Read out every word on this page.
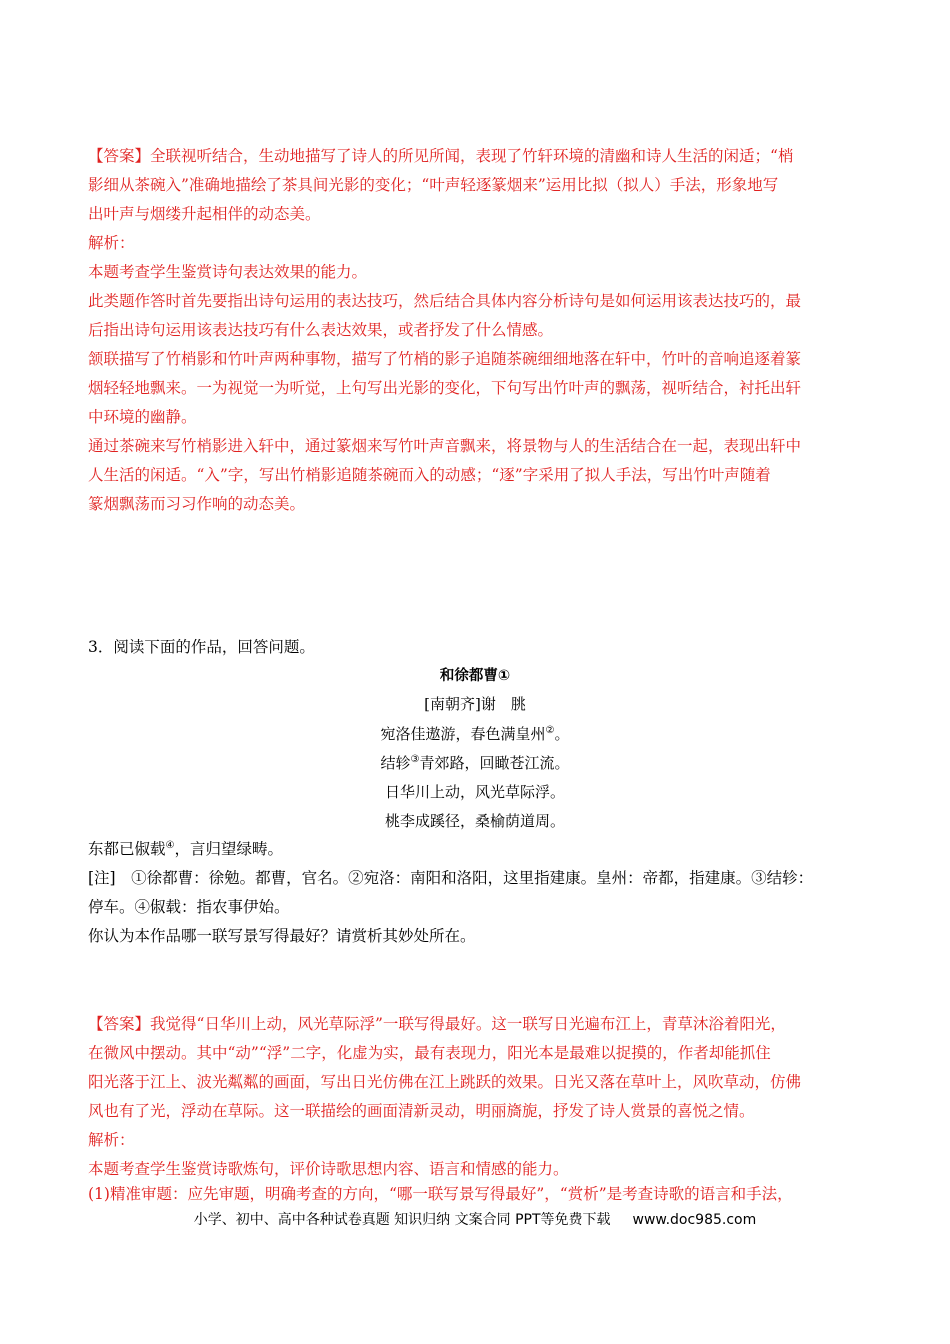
【答案】全联视听结合，生动地描写了诗人的所见所闻，表现了竹轩环境的清幽和诗人生活的闲适；“梢

影细从茶碗入”准确地描绘了茶具间光影的变化；“叶声轻逐篆烟来”运用比拟（拟人）手法，形象地写

出叶声与烟缕升起相伴的动态美。

解析：

本题考查学生鉴赏诗句表达效果的能力。

此类题作答时首先要指出诗句运用的表达技巧，然后结合具体内容分析诗句是如何运用该表达技巧的，最

后指出诗句运用该表达技巧有什么表达效果，或者抒发了什么情感。

颔联描写了竹梢影和竹叶声两种事物，描写了竹梢的影子追随茶碗细细地落在轩中，竹叶的音响追逐着篆

烟轻轻地飘来。一为视觉一为听觉，上句写出光影的变化，下句写出竹叶声的飘荡，视听结合，衬托出轩

中环境的幽静。

通过茶碗来写竹梢影进入轩中，通过篆烟来写竹叶声音飘来，将景物与人的生活结合在一起，表现出轩中

人生活的闲适。“入”字，写出竹梢影追随茶碗而入的动感；“逐”字采用了拟人手法，写出竹叶声随着

篆烟飘荡而习习作响的动态美。

3．阅读下面的作品，回答问题。

和徐都曹①

[南朝齐]谢　朓

宛洛佳遨游，春色满皇州②。

结轸③青郊路，回瞰苍江流。

日华川上动，风光草际浮。

桃李成蹊径，桑榆荫道周。

东都已俶载④，言归望绿畴。

[注]　①徐都曹：徐勉。都曹，官名。②宛洛：南阳和洛阳，这里指建康。皇州：帝都，指建康。③结轸：

停车。④俶载：指农事伊始。

你认为本作品哪一联写景写得最好？请赏析其妙处所在。

【答案】我觉得“日华川上动，风光草际浮”一联写得最好。这一联写日光遍布江上，青草沐浴着阳光，

在微风中摆动。其中“动”“浮”二字，化虚为实，最有表现力，阳光本是最难以捉摸的，作者却能抓住

阳光落于江上、波光粼粼的画面，写出日光仿佛在江上跳跃的效果。日光又落在草叶上，风吹草动，仿佛

风也有了光，浮动在草际。这一联描绘的画面清新灵动，明丽旖旎，抒发了诗人赏景的喜悦之情。

解析：

本题考查学生鉴赏诗歌炼句，评价诗歌思想内容、语言和情感的能力。

(1)精准审题：应先审题，明确考查的方向，“哪一联写景写得最好”，“赏析”是考查诗歌的语言和手法，

小学、初中、高中各种试卷真题 知识归纳 文案合同 PPT等免费下载 www.doc985.com
